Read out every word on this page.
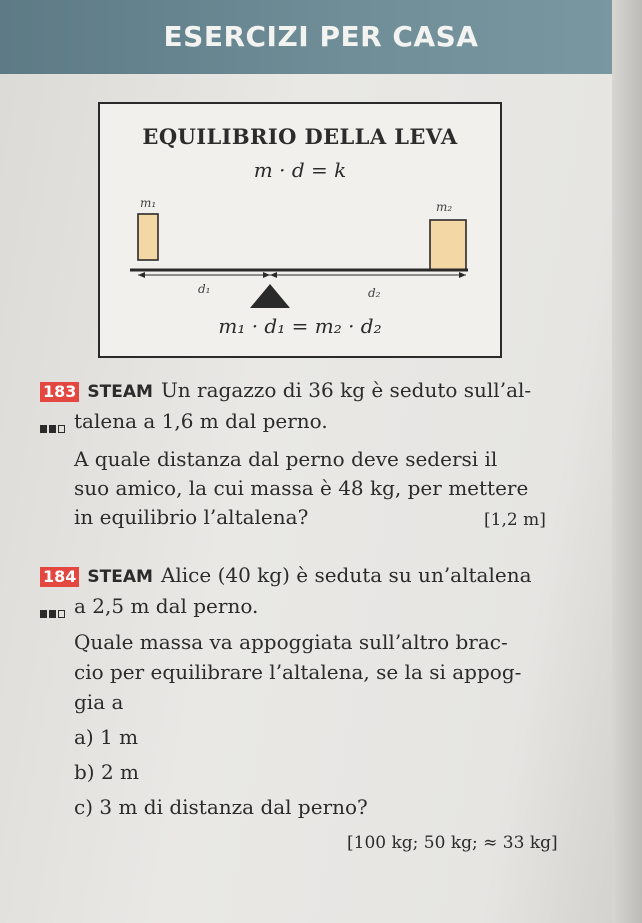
ESERCIZI PER CASA
EQUILIBRIO DELLA LEVA
m · d = k
m₁	m₂
d₁	d₂
m₁ · d₁ = m₂ · d₂
183 STEAM Un ragazzo di 36 kg è seduto sull’al-
talena a 1,6 m dal perno.
A quale distanza dal perno deve sedersi il
suo amico, la cui massa è 48 kg, per mettere
in equilibrio l’altalena?	[1,2 m]
184 STEAM Alice (40 kg) è seduta su un’altalena
a 2,5 m dal perno.
Quale massa va appoggiata sull’altro brac-
cio per equilibrare l’altalena, se la si appog-
gia a
a) 1 m
b) 2 m
c) 3 m di distanza dal perno?
[100 kg; 50 kg; ≈ 33 kg]
